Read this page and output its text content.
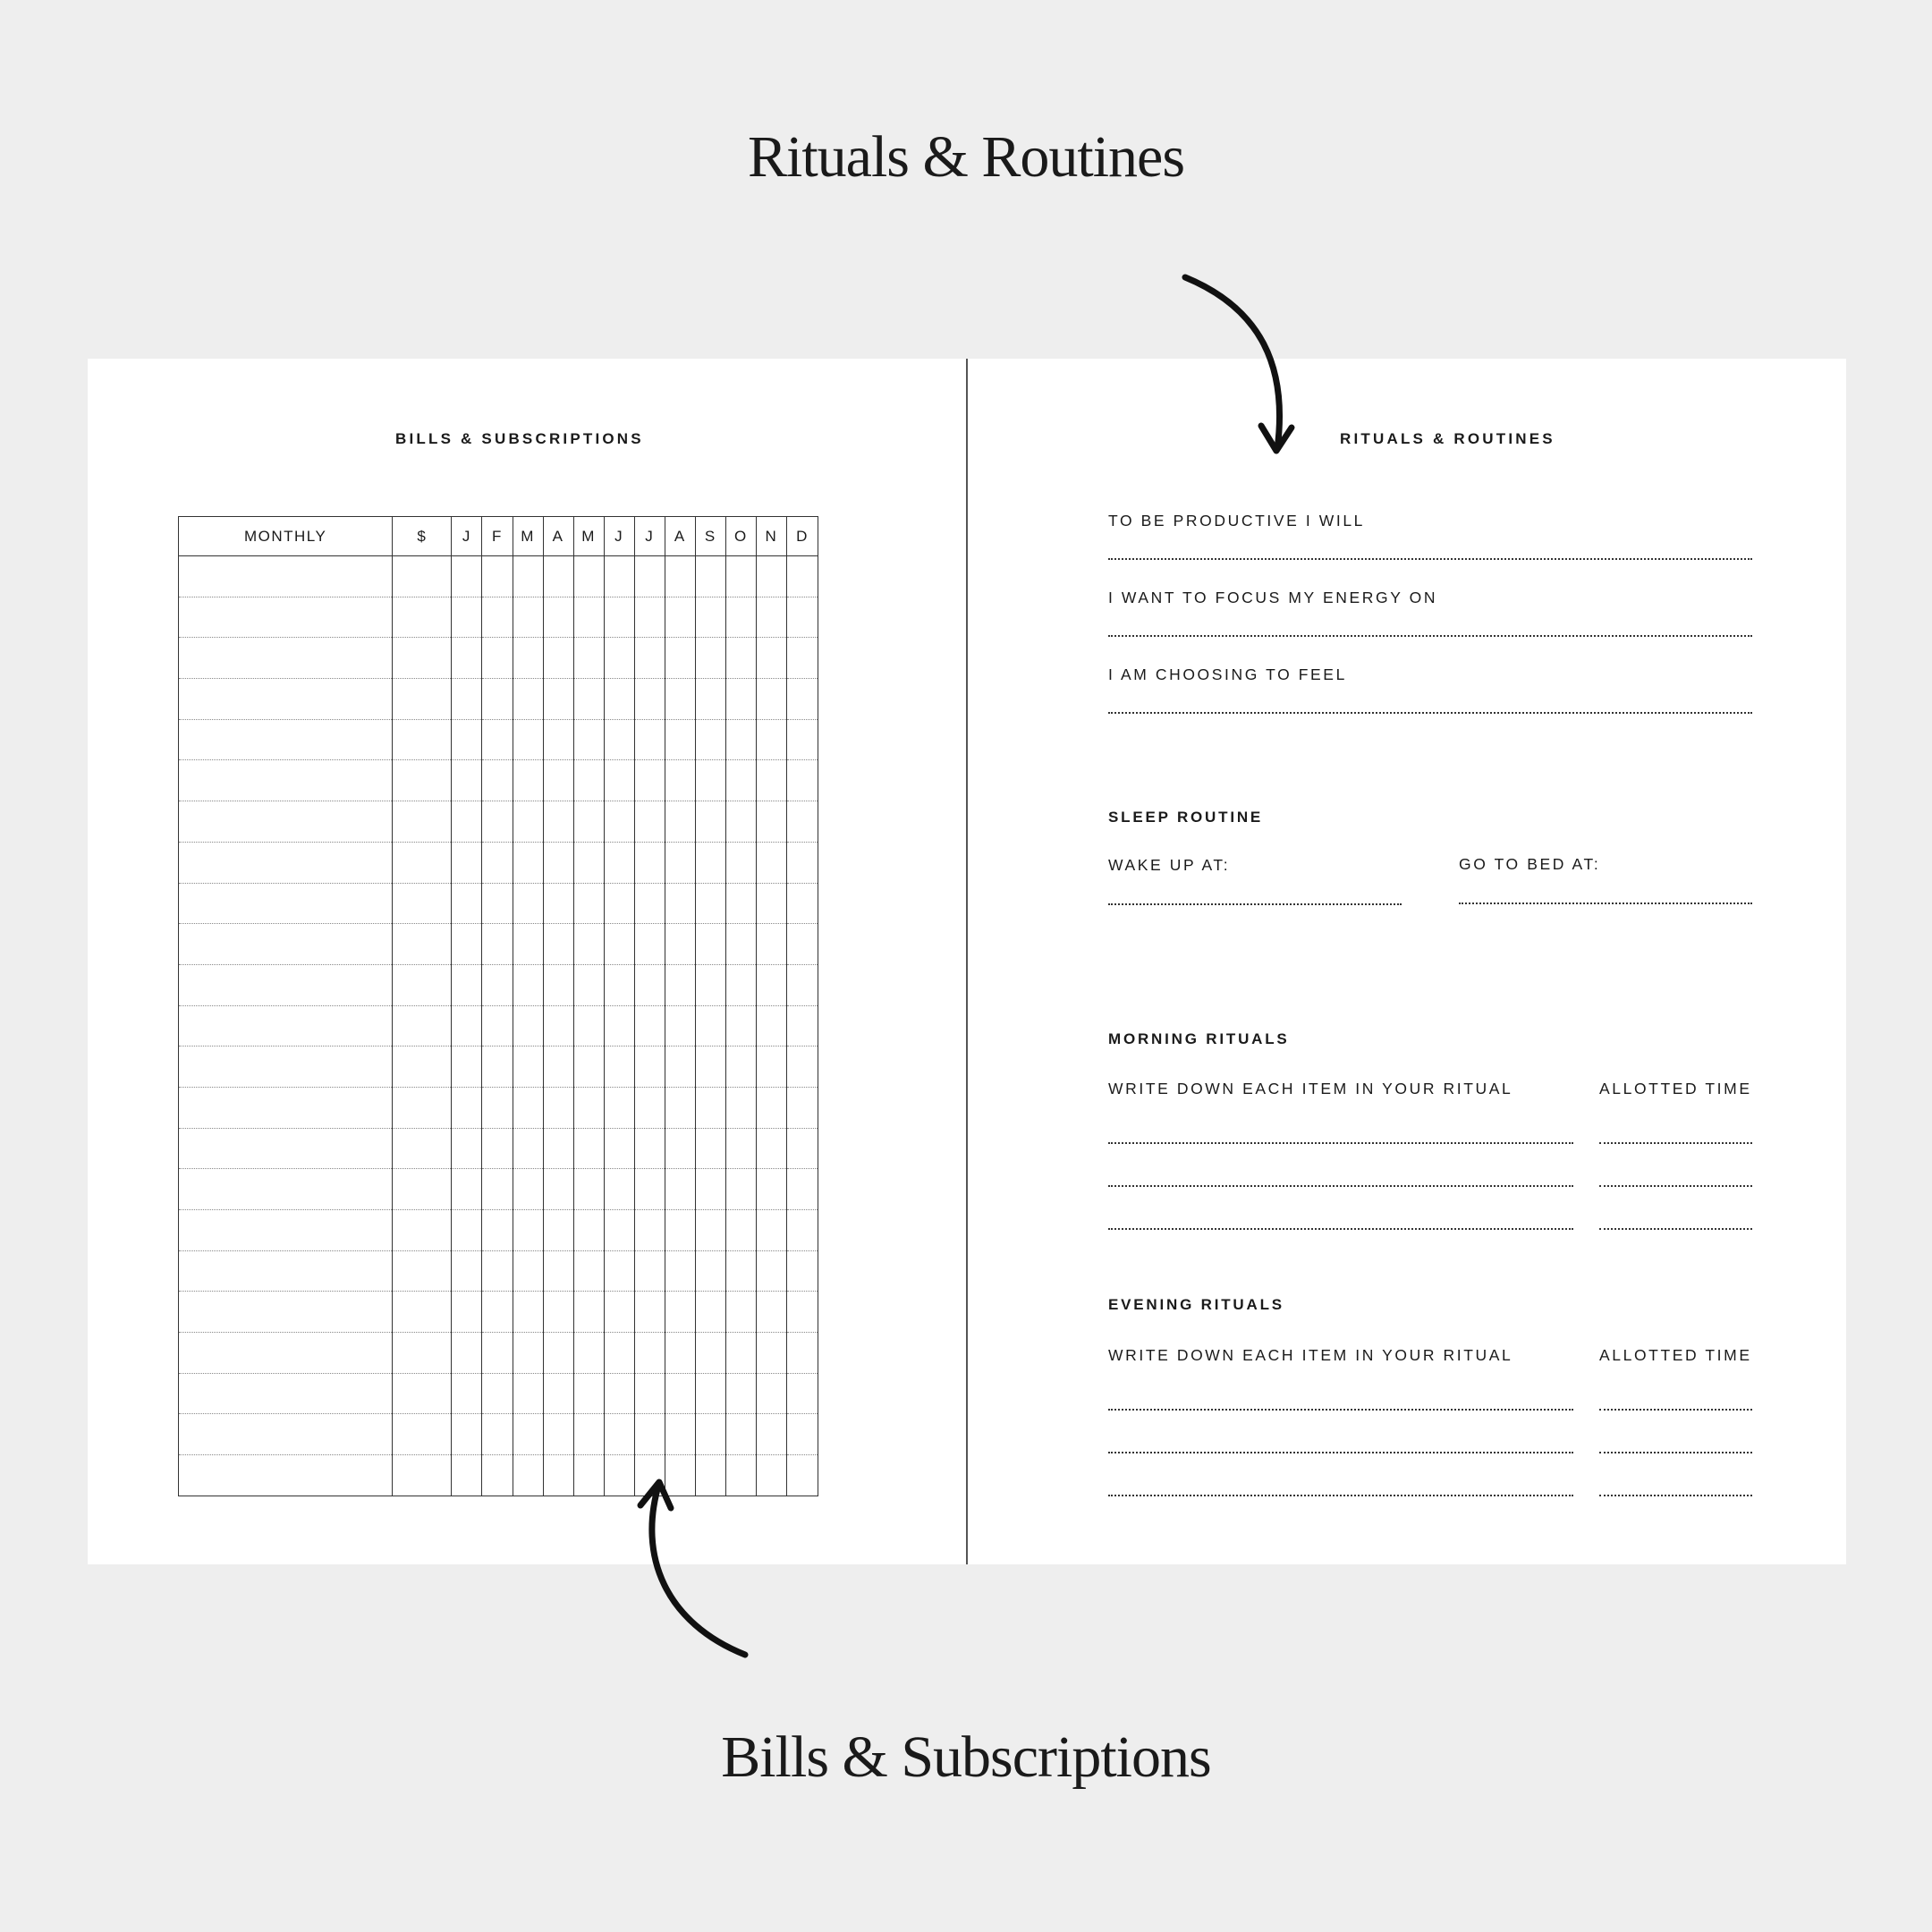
Rituals & Routines
BILLS & SUBSCRIPTIONS
MONTHLY	$	J	F	M	A	M	J	J	A	S	O	N	D

RITUALS & ROUTINES
TO BE PRODUCTIVE I WILL
I WANT TO FOCUS MY ENERGY ON
I AM CHOOSING TO FEEL
SLEEP ROUTINE
WAKE UP AT:	GO TO BED AT:
MORNING RITUALS
WRITE DOWN EACH ITEM IN YOUR RITUAL	ALLOTTED TIME
EVENING RITUALS
WRITE DOWN EACH ITEM IN YOUR RITUAL	ALLOTTED TIME
Bills & Subscriptions
